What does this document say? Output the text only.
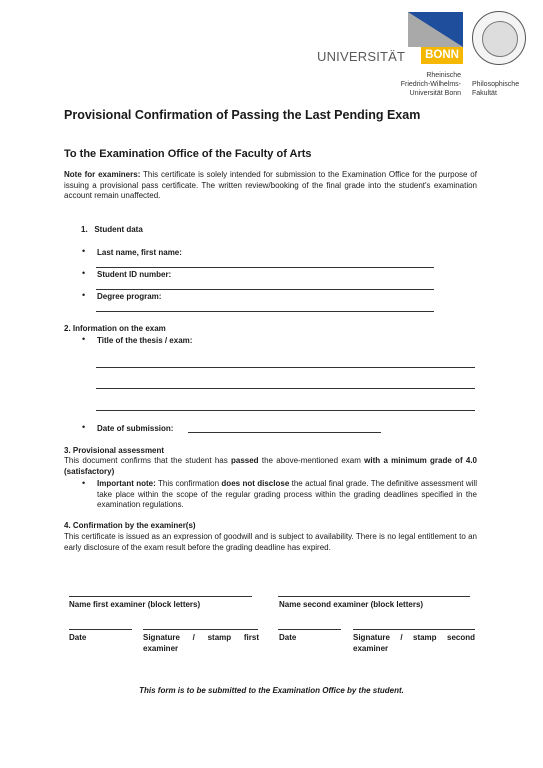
UNIVERSITÄT	BONN
Rheinische
Friedrich-Wilhelms-
Universität Bonn
Philosophische
Fakultät
Provisional Confirmation of Passing the Last Pending Exam
To the Examination Office of the Faculty of Arts
Note for examiners: This certificate is solely intended for submission to the Examination Office for the purpose of issuing a provisional pass certificate. The written review/booking of the final grade into the student's examination account remain unaffected.
1.   Student data
• Last name, first name:
• Student ID number:
• Degree program:
2. Information on the exam
• Title of the thesis / exam:
• Date of submission:
3. Provisional assessment
This document confirms that the student has passed the above-mentioned exam with a minimum grade of 4.0 (satisfactory)
• Important note: This confirmation does not disclose the actual final grade. The definitive assessment will take place within the scope of the regular grading process within the grading deadlines specified in the examination regulations.
4. Confirmation by the examiner(s)
This certificate is issued as an expression of goodwill and is subject to availability. There is no legal entitlement to an early disclosure of the exam result before the grading deadline has expired.
Name first examiner (block letters)	Name second examiner (block letters)
Date	Signature / stamp first examiner
Date	Signature / stamp second examiner
This form is to be submitted to the Examination Office by the student.
